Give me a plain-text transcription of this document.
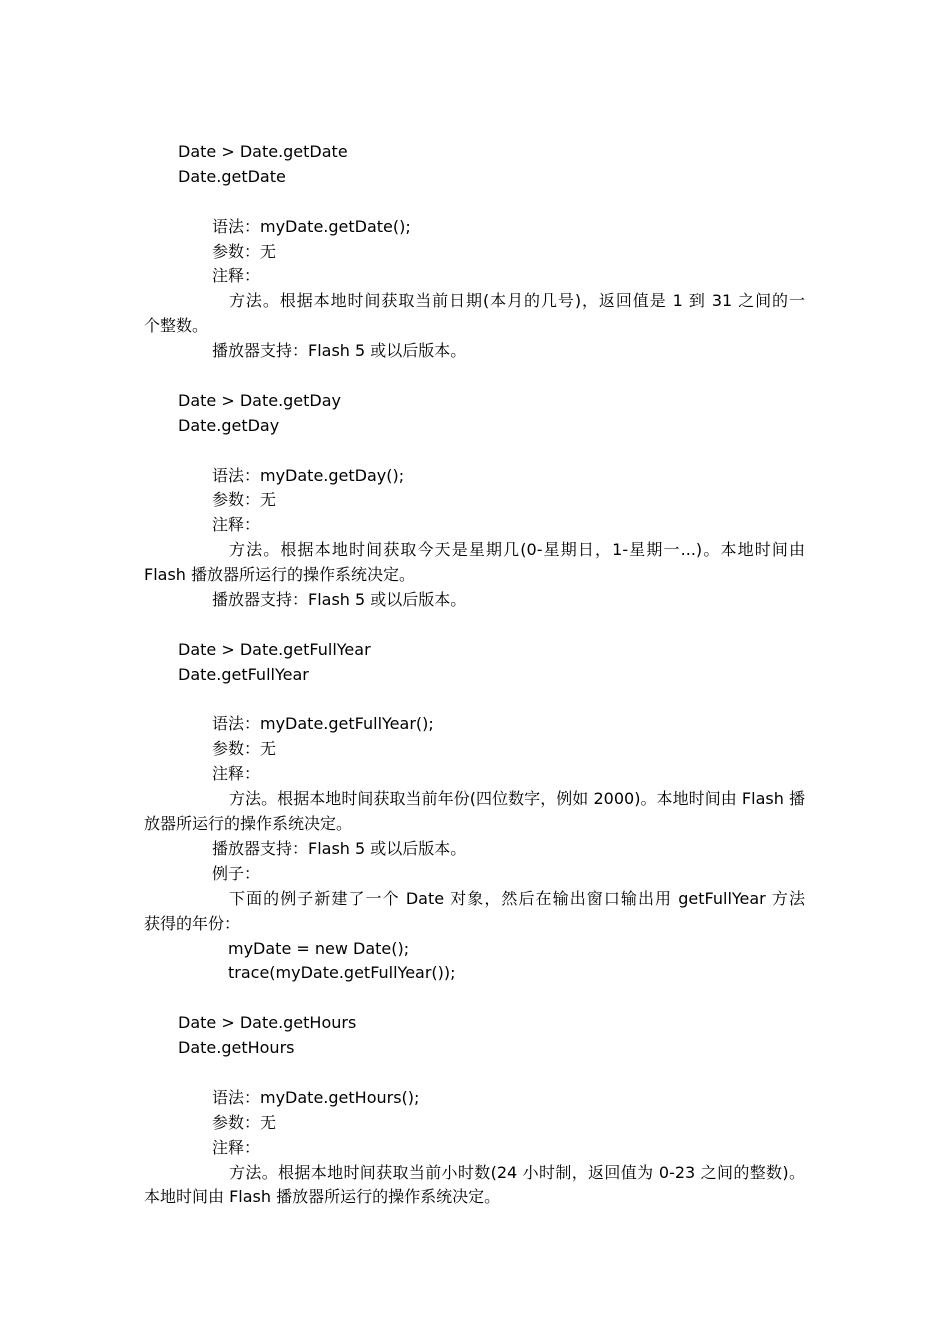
Date > Date.getDate
Date.getDate
语法：myDate.getDate();
参数：无
注释：
方法。根据本地时间获取当前日期(本月的几号)，返回值是 1 到 31 之间的一
个整数。
播放器支持：Flash 5 或以后版本。
Date > Date.getDay
Date.getDay
语法：myDate.getDay();
参数：无
注释：
方法。根据本地时间获取今天是星期几(0-星期日，1-星期一...)。本地时间由
Flash 播放器所运行的操作系统决定。
播放器支持：Flash 5 或以后版本。
Date > Date.getFullYear
Date.getFullYear
语法：myDate.getFullYear();
参数：无
注释：
方法。根据本地时间获取当前年份(四位数字，例如 2000)。本地时间由 Flash 播
放器所运行的操作系统决定。
播放器支持：Flash 5 或以后版本。
例子：
下面的例子新建了一个 Date 对象，然后在输出窗口输出用 getFullYear 方法
获得的年份：
myDate = new Date();
trace(myDate.getFullYear());
Date > Date.getHours
Date.getHours
语法：myDate.getHours();
参数：无
注释：
方法。根据本地时间获取当前小时数(24 小时制，返回值为 0-23 之间的整数)。
本地时间由 Flash 播放器所运行的操作系统决定。
